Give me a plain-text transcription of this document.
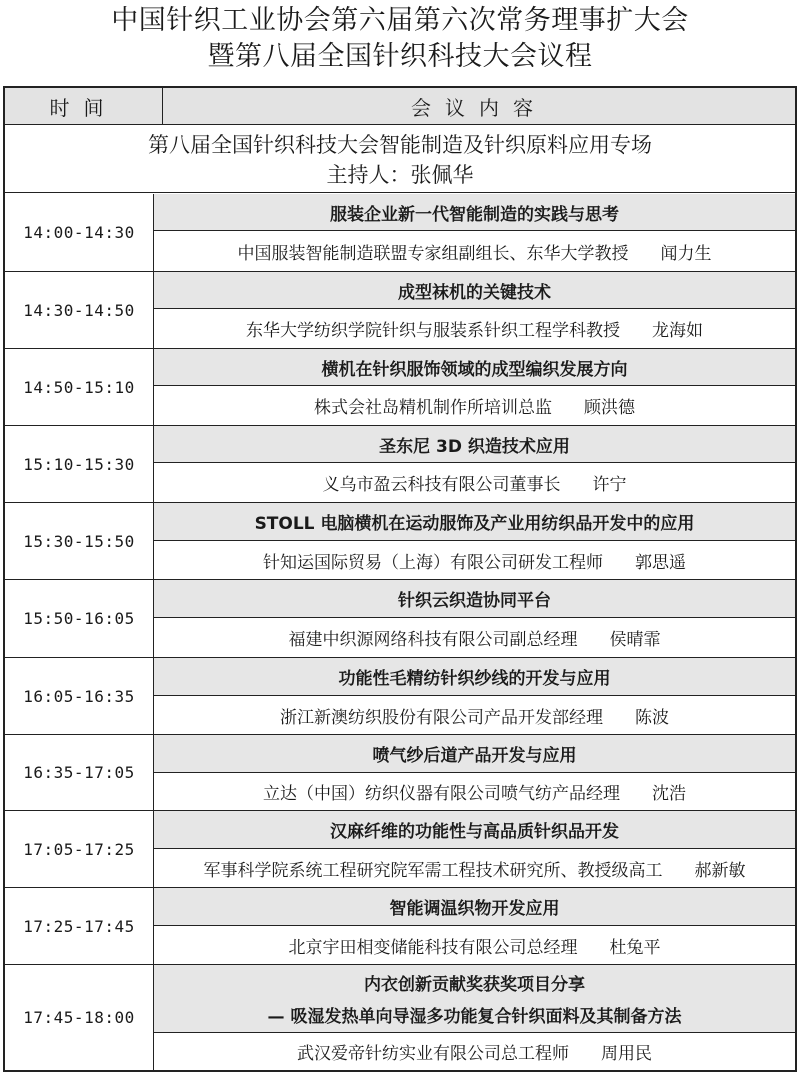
中国针织工业协会第六届第六次常务理事扩大会
暨第八届全国针织科技大会议程
时间	会议内容
第八届全国针织科技大会智能制造及针织原料应用专场
主持人：张佩华
14:00-14:30
服装企业新一代智能制造的实践与思考
中国服装智能制造联盟专家组副组长、东华大学教授 闻力生
14:30-14:50
成型袜机的关键技术
东华大学纺织学院针织与服装系针织工程学科教授 龙海如
14:50-15:10
横机在针织服饰领域的成型编织发展方向
株式会社岛精机制作所培训总监 顾洪德
15:10-15:30
圣东尼 3D 织造技术应用
义乌市盈云科技有限公司董事长 许宁
15:30-15:50
STOLL 电脑横机在运动服饰及产业用纺织品开发中的应用
针知运国际贸易（上海）有限公司研发工程师 郭思遥
15:50-16:05
针织云织造协同平台
福建中织源网络科技有限公司副总经理 侯晴霏
16:05-16:35
功能性毛精纺针织纱线的开发与应用
浙江新澳纺织股份有限公司产品开发部经理 陈波
16:35-17:05
喷气纱后道产品开发与应用
立达（中国）纺织仪器有限公司喷气纺产品经理 沈浩
17:05-17:25
汉麻纤维的功能性与高品质针织品开发
军事科学院系统工程研究院军需工程技术研究所、教授级高工 郝新敏
17:25-17:45
智能调温织物开发应用
北京宇田相变储能科技有限公司总经理 杜兔平
17:45-18:00
内衣创新贡献奖获奖项目分享
— 吸湿发热单向导湿多功能复合针织面料及其制备方法
武汉爱帝针纺实业有限公司总工程师 周用民
